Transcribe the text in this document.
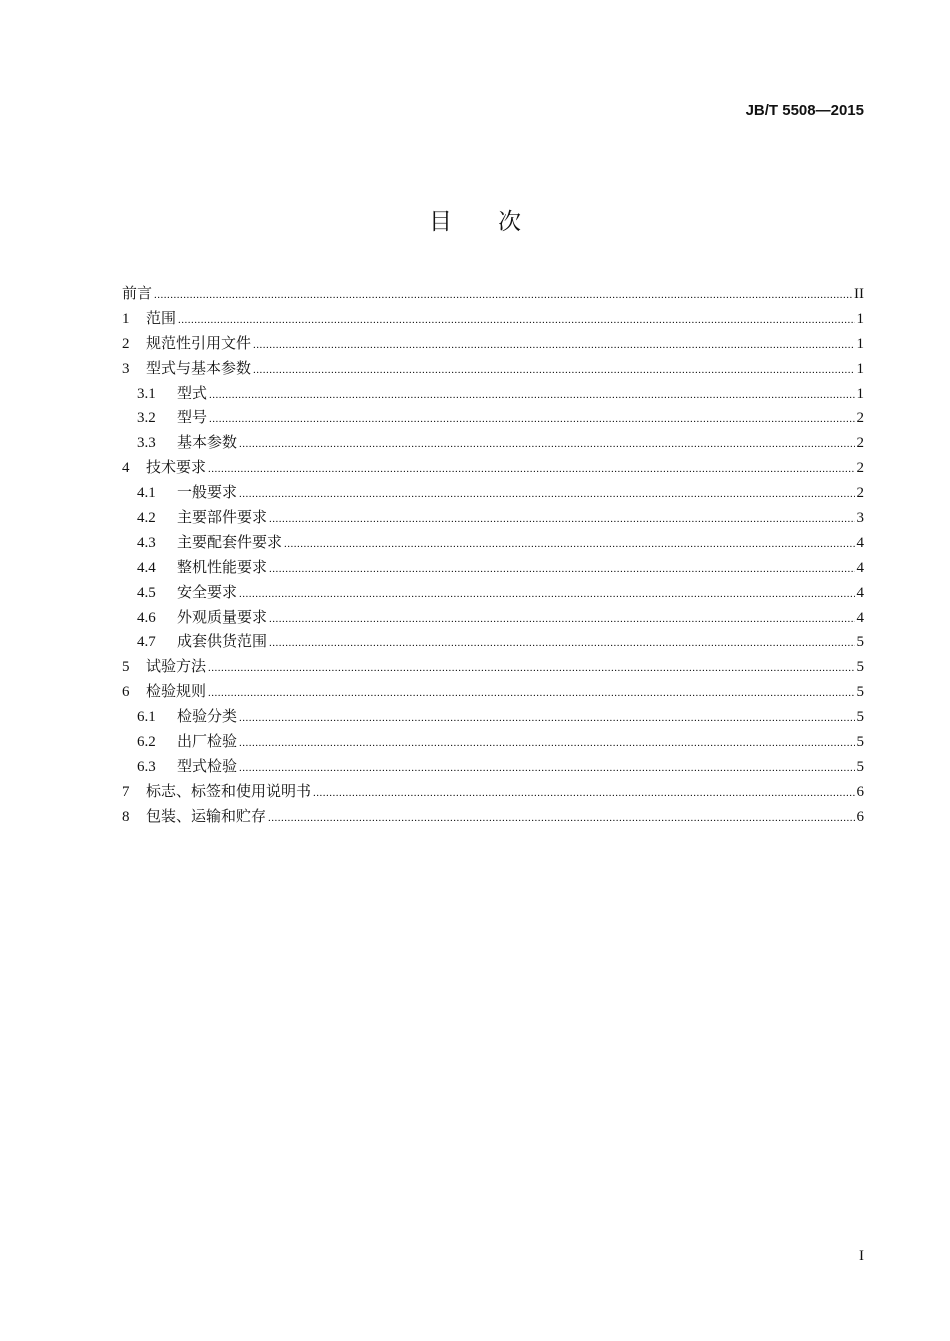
JB/T 5508—2015
目次
前言 .....	II
1	范围 .....	1
2	规范性引用文件 .....	1
3	型式与基本参数 .....	1
3.1	型式 .....	1
3.2	型号 .....	2
3.3	基本参数 .....	2
4	技术要求 .....	2
4.1	一般要求 .....	2
4.2	主要部件要求 .....	3
4.3	主要配套件要求 .....	4
4.4	整机性能要求 .....	4
4.5	安全要求 .....	4
4.6	外观质量要求 .....	4
4.7	成套供货范围 .....	5
5	试验方法 .....	5
6	检验规则 .....	5
6.1	检验分类 .....	5
6.2	出厂检验 .....	5
6.3	型式检验 .....	5
7	标志、标签和使用说明书 .....	6
8	包装、运输和贮存 .....	6
I
